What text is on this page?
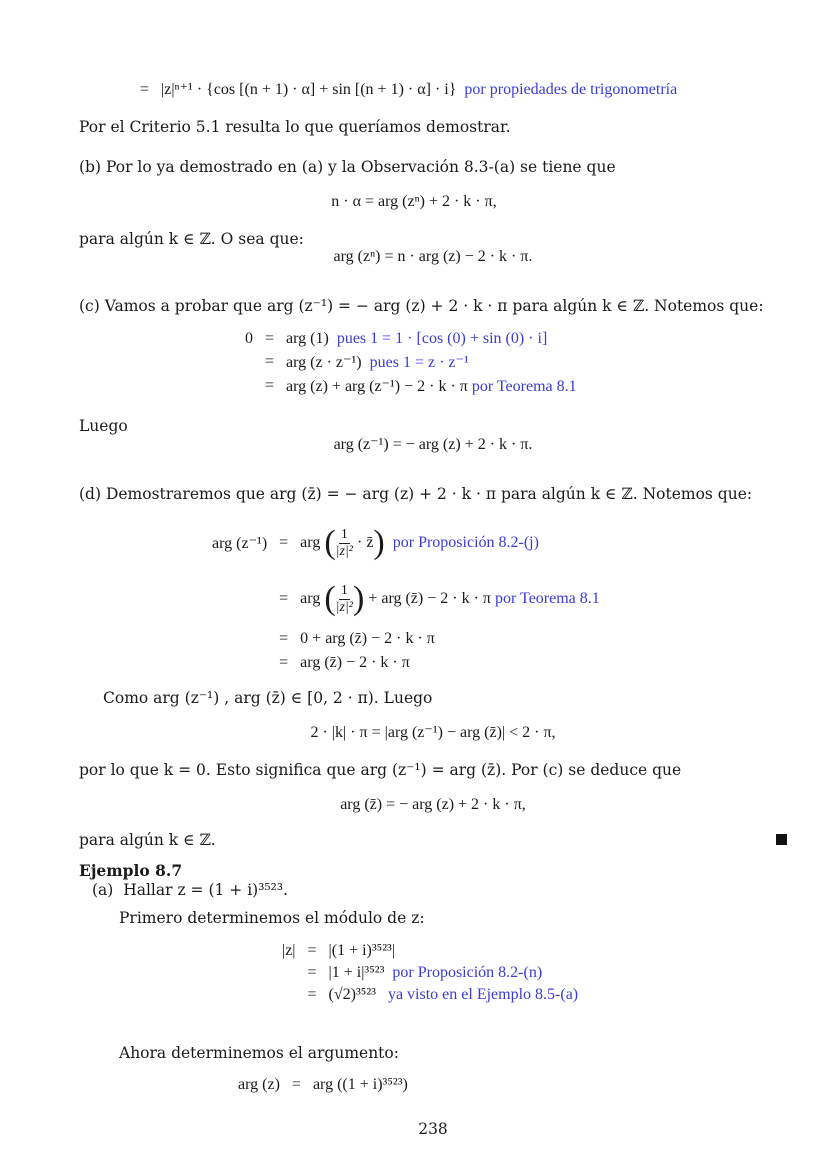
= |z|ⁿ⁺¹ · {cos [(n + 1) · α] + sin [(n + 1) · α] · i} por propiedades de trigonometría
Por el Criterio 5.1 resulta lo que queríamos demostrar.
(b) Por lo ya demostrado en (a) y la Observación 8.3-(a) se tiene que
n · α = arg (zⁿ) + 2 · k · π,
para algún k ∈ ℤ. O sea que:
arg (zⁿ) = n · arg (z) − 2 · k · π.
(c) Vamos a probar que arg (z⁻¹) = − arg (z) + 2 · k · π para algún k ∈ ℤ. Notemos que:
0 = arg (1) pues 1 = 1 · [cos (0) + sin (0) · i]
= arg (z · z⁻¹) pues 1 = z · z⁻¹
= arg (z) + arg (z⁻¹) − 2 · k · π por Teorema 8.1
Luego
arg (z⁻¹) = − arg (z) + 2 · k · π.
(d) Demostraremos que arg (z̄) = − arg (z) + 2 · k · π para algún k ∈ ℤ. Notemos que:
arg (z⁻¹) = arg
( $\frac{1}{\text{|z|²}}$
· z̄ )
por Proposición 8.2-(j)
= arg
( $\frac{1}{\text{|z|²}}$ )
+ arg (z̄) − 2 · k · π
por Teorema 8.1
= 0 + arg (z̄) − 2 · k · π
= arg (z̄) − 2 · k · π
Como arg (z⁻¹) , arg (z̄) ∈ [0, 2 · π). Luego
2 · |k| · π = |arg (z⁻¹) − arg (z̄)| < 2 · π,
por lo que k = 0. Esto significa que arg (z⁻¹) = arg (z̄). Por (c) se deduce que
arg (z̄) = − arg (z) + 2 · k · π,
para algún k ∈ ℤ.
Ejemplo 8.7
(a) Hallar z = (1 + i)³⁵²³.
Primero determinemos el módulo de z:
|z| = |(1 + i)³⁵²³|
= |1 + i|³⁵²³ por Proposición 8.2-(n)
= (√2)³⁵²³ ya visto en el Ejemplo 8.5-(a)
Ahora determinemos el argumento:
arg (z) = arg ((1 + i)³⁵²³)
238
